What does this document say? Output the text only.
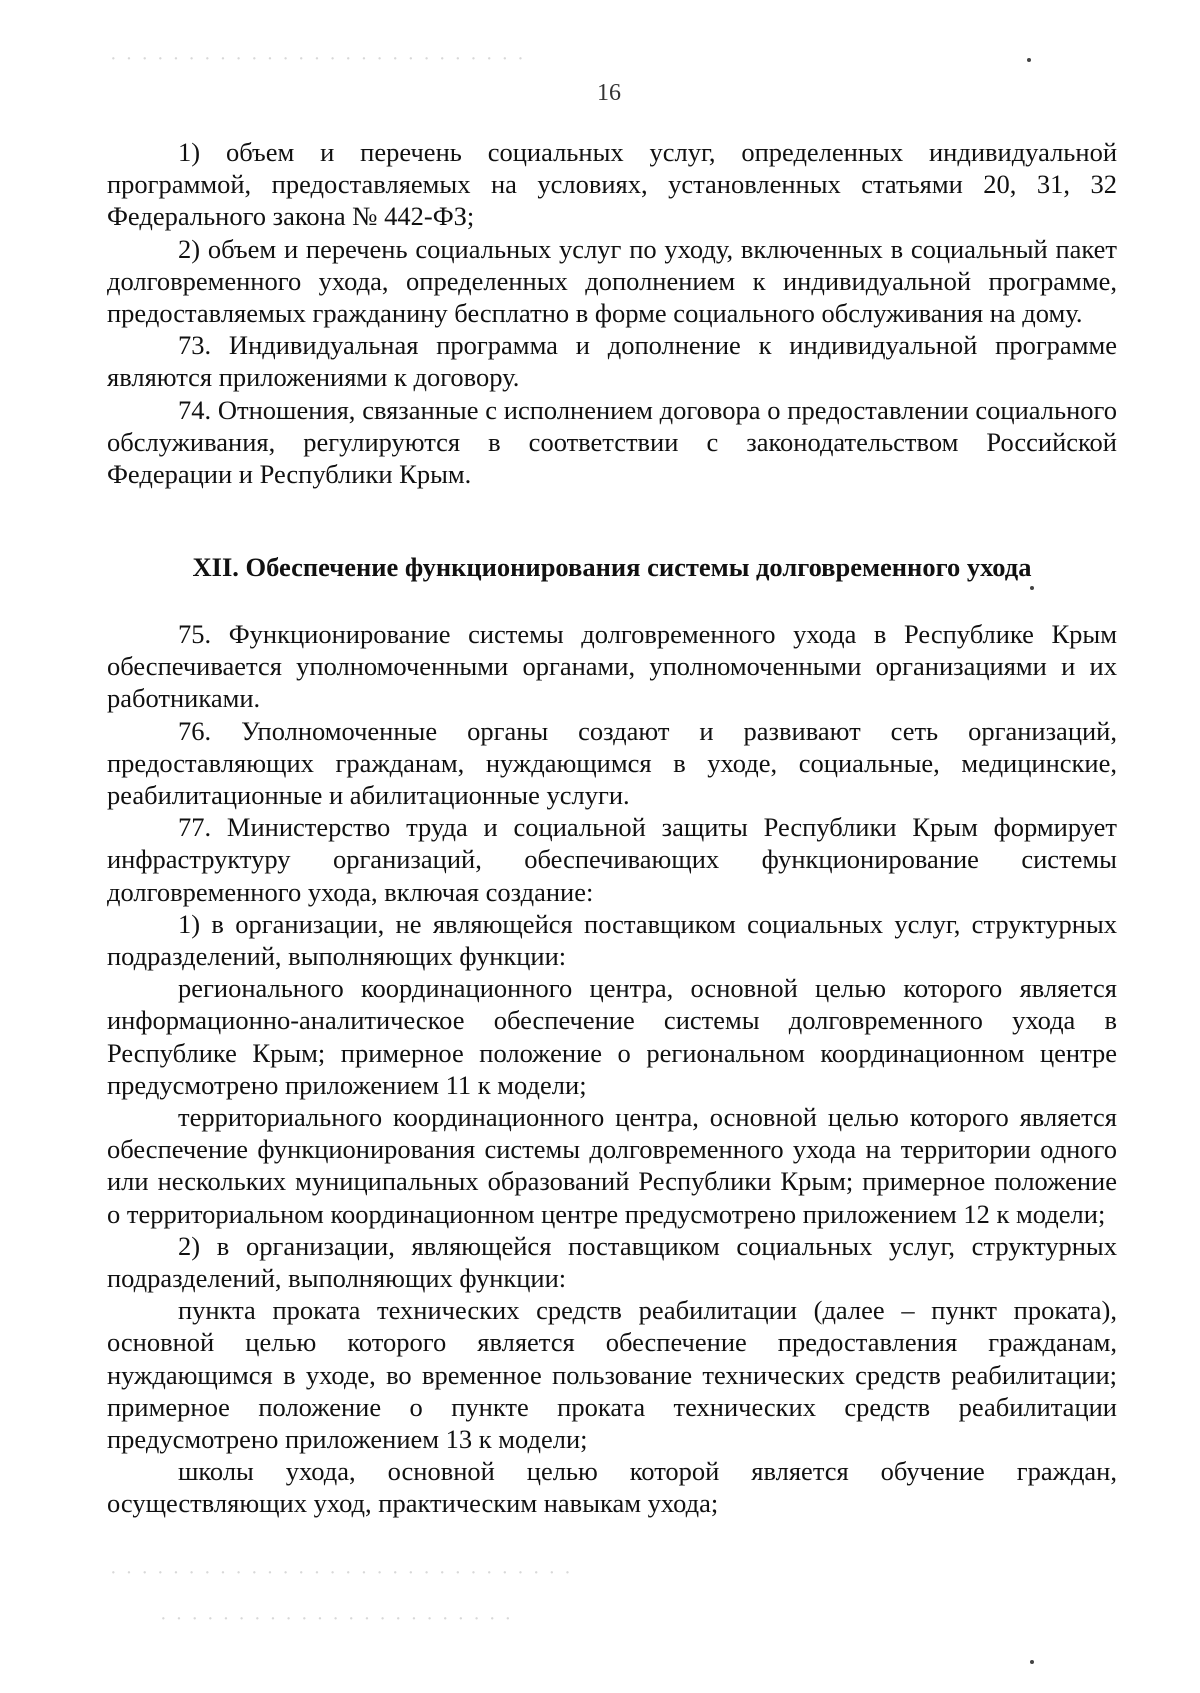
· · · · · · · · · · · · · · · · · · · · · · · · · · ·
· · · · · · · · · · · · · · · · · · · · · · · · · · · · · ·
· · · · · · · · · · · · · · · · · · · · · · ·
16

1) объем и перечень социальных услуг, определенных индивидуальной программой, предоставляемых на условиях, установленных статьями 20, 31, 32 Федерального закона № 442-ФЗ;

2) объем и перечень социальных услуг по уходу, включенных в социальный пакет долговременного ухода, определенных дополнением к индивидуальной программе, предоставляемых гражданину бесплатно в форме социального обслуживания на дому.

73. Индивидуальная программа и дополнение к индивидуальной программе являются приложениями к договору.

74. Отношения, связанные с исполнением договора о предоставлении социального обслуживания, регулируются в соответствии с законодательством Российской Федерации и Республики Крым.

XII. Обеспечение функционирования системы долговременного ухода

75. Функционирование системы долговременного ухода в Республике Крым обеспечивается уполномоченными органами, уполномоченными организациями и их работниками.

76. Уполномоченные органы создают и развивают сеть организаций, предоставляющих гражданам, нуждающимся в уходе, социальные, медицинские, реабилитационные и абилитационные услуги.

77. Министерство труда и социальной защиты Республики Крым формирует инфраструктуру организаций, обеспечивающих функционирование системы долговременного ухода, включая создание:

1) в организации, не являющейся поставщиком социальных услуг, структурных подразделений, выполняющих функции:

регионального координационного центра, основной целью которого является информационно-аналитическое обеспечение системы долговременного ухода в Республике Крым; примерное положение о региональном координационном центре предусмотрено приложением 11 к модели;

территориального координационного центра, основной целью которого является обеспечение функционирования системы долговременного ухода на территории одного или нескольких муниципальных образований Республики Крым; примерное положение о территориальном координационном центре предусмотрено приложением 12 к модели;

2) в организации, являющейся поставщиком социальных услуг, структурных подразделений, выполняющих функции:

пункта проката технических средств реабилитации (далее – пункт проката), основной целью которого является обеспечение предоставления гражданам, нуждающимся в уходе, во временное пользование технических средств реабилитации; примерное положение о пункте проката технических средств реабилитации предусмотрено приложением 13 к модели;

школы ухода, основной целью которой является обучение граждан, осуществляющих уход, практическим навыкам ухода;
